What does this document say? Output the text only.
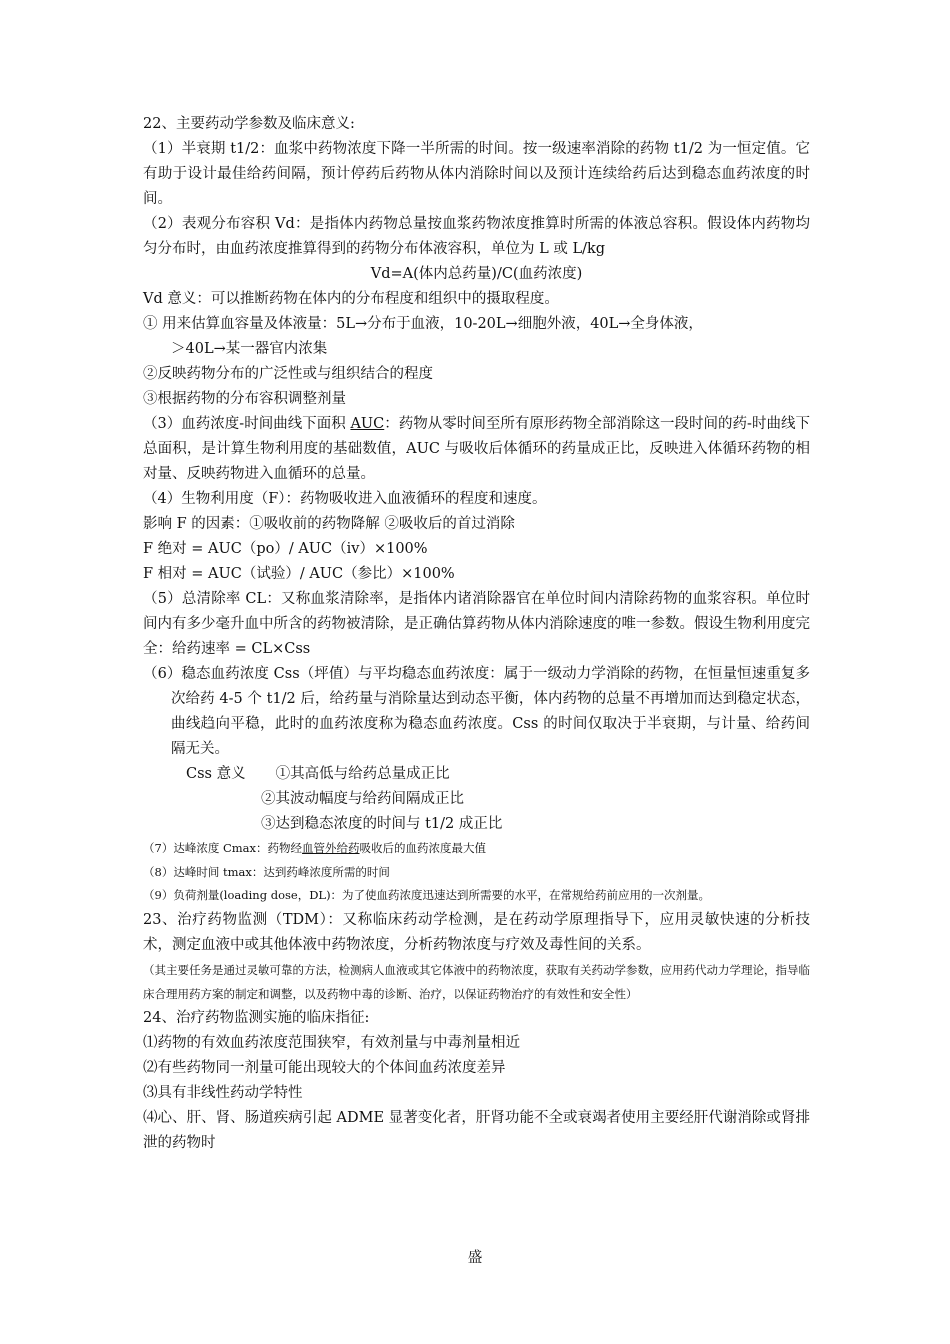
22、主要药动学参数及临床意义:
（1）半衰期 t1/2：血浆中药物浓度下降一半所需的时间。按一级速率消除的药物 t1/2 为一恒定值。它有助于设计最佳给药间隔，预计停药后药物从体内消除时间以及预计连续给药后达到稳态血药浓度的时间。
（2）表观分布容积 Vd：是指体内药物总量按血浆药物浓度推算时所需的体液总容积。假设体内药物均匀分布时，由血药浓度推算得到的药物分布体液容积，单位为 L 或 L/kg
Vd=A(体内总药量)/C(血药浓度)
Vd 意义：可以推断药物在体内的分布程度和组织中的摄取程度。
① 用来估算血容量及体液量：5L→分布于血液，10-20L→细胞外液，40L→全身体液，
＞40L→某一器官内浓集
②反映药物分布的广泛性或与组织结合的程度
③根据药物的分布容积调整剂量
（3）血药浓度-时间曲线下面积 AUC：药物从零时间至所有原形药物全部消除这一段时间的药-时曲线下总面积，是计算生物利用度的基础数值，AUC 与吸收后体循环的药量成正比，反映进入体循环药物的相对量、反映药物进入血循环的总量。
（4）生物利用度（F）：药物吸收进入血液循环的程度和速度。
影响 F 的因素：①吸收前的药物降解 ②吸收后的首过消除
F 绝对 = AUC（po）/ AUC（iv）×100%
F 相对 = AUC（试验）/ AUC（参比）×100%
（5）总清除率 CL：又称血浆清除率，是指体内诸消除器官在单位时间内清除药物的血浆容积。单位时间内有多少毫升血中所含的药物被清除，是正确估算药物从体内消除速度的唯一参数。假设生物利用度完全：给药速率 = CL×Css
（6）稳态血药浓度 Css（坪值）与平均稳态血药浓度：属于一级动力学消除的药物，在恒量恒速重复多次给药 4-5 个 t1/2 后，给药量与消除量达到动态平衡，体内药物的总量不再增加而达到稳定状态，曲线趋向平稳，此时的血药浓度称为稳态血药浓度。Css 的时间仅取决于半衰期，与计量、给药间隔无关。
Css 意义 ①其高低与给药总量成正比
②其波动幅度与给药间隔成正比
③达到稳态浓度的时间与 t1/2 成正比
（7）达峰浓度 Cmax：药物经血管外给药吸收后的血药浓度最大值
（8）达峰时间 tmax：达到药峰浓度所需的时间
（9）负荷剂量(loading dose，DL)：为了使血药浓度迅速达到所需要的水平，在常规给药前应用的一次剂量。
23、治疗药物监测（TDM）：又称临床药动学检测，是在药动学原理指导下，应用灵敏快速的分析技术，测定血液中或其他体液中药物浓度，分析药物浓度与疗效及毒性间的关系。
（其主要任务是通过灵敏可靠的方法，检测病人血液或其它体液中的药物浓度，获取有关药动学参数，应用药代动力学理论，指导临床合理用药方案的制定和调整，以及药物中毒的诊断、治疗，以保证药物治疗的有效性和安全性）
24、治疗药物监测实施的临床指征:
⑴药物的有效血药浓度范围狭窄，有效剂量与中毒剂量相近
⑵有些药物同一剂量可能出现较大的个体间血药浓度差异
⑶具有非线性药动学特性
⑷心、肝、肾、肠道疾病引起 ADME 显著变化者，肝肾功能不全或衰竭者使用主要经肝代谢消除或肾排泄的药物时
盛
